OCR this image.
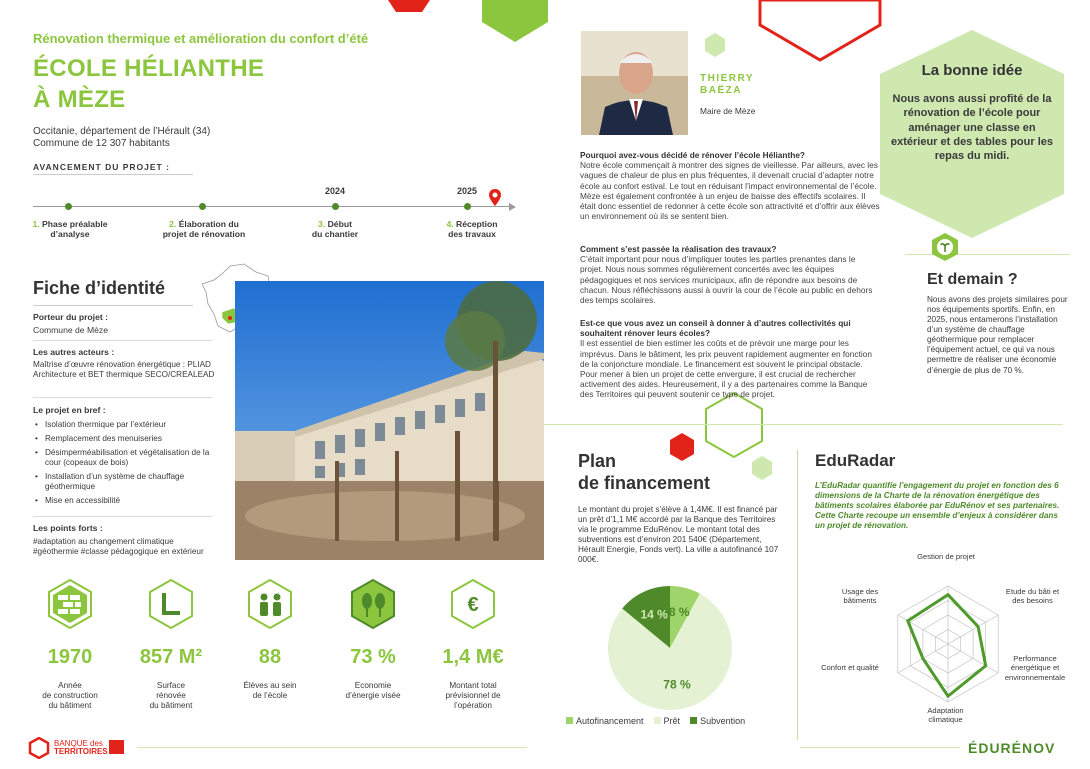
Rénovation thermique et amélioration du confort d’été
ÉCOLE HÉLIANTHE
À MÈZE
Occitanie, département de l’Hérault (34)
Commune de 12 307 habitants
AVANCEMENT DU PROJET :
2024	2025
1. Phase préalable
d’analyse
2. Élaboration du
projet de rénovation
3. Début
du chantier
4. Réception
des travaux
Fiche d’identité
Porteur du projet :
Commune de Mèze
Les autres acteurs :
Maîtrise d’œuvre rénovation énergétique : PLIAD Architecture et BET thermique SECO/CREALEAD
Le projet en bref :
• Isolation thermique par l’extérieur
• Remplacement des menuiseries
• Désimperméabilisation et végétalisation de la cour (copeaux de bois)
• Installation d’un système de chauffage géothermique
• Mise en accessibilité
Les points forts :
#adaptation au changement climatique #géothermie #classe pédagogique en extérieur
€
1970	857 M²	88	73 %	1,4 M€
Année
de construction
du bâtiment
Surface
rénovée
du bâtiment
Élèves au sein
de l’école
Economie
d’énergie visée
Montant total
prévisionnel de
l’opération
BANQUE des
TERRITOIRES	ÉDURÉNOV
THIERRY
BAËZA
Maire de Mèze
Pourquoi avez-vous décidé de rénover l’école Hélianthe?
Notre école commençait à montrer des signes de vieillesse. Par ailleurs, avec les vagues de chaleur de plus en plus fréquentes, il devenait crucial d’adapter notre école au confort estival. Le tout en réduisant l’impact environnemental de l’école. Mèze est également confrontée à un enjeu de baisse des effectifs scolaires. Il était donc essentiel de redonner à cette école son attractivité et d’offrir aux élèves un environnement où ils se sentent bien.
Comment s’est passée la réalisation des travaux?
C’était important pour nous d’impliquer toutes les parties prenantes dans le projet. Nous nous sommes régulièrement concertés avec les équipes pédagogiques et nos services municipaux, afin de répondre aux besoins de chacun. Nous réfléchissons aussi à ouvrir la cour de l’école au public en dehors des temps scolaires.
Est-ce que vous avez un conseil à donner à d’autres collectivités qui souhaitent rénover leurs écoles?
Il est essentiel de bien estimer les coûts et de prévoir une marge pour les imprévus. Dans le bâtiment, les prix peuvent rapidement augmenter en fonction de la conjoncture mondiale. Le financement est souvent le principal obstacle. Pour mener à bien un projet de cette envergure, il est crucial de rechercher activement des aides. Heureusement, il y a des partenaires comme la Banque des Territoires qui peuvent soutenir ce type de projet.
La bonne idée
Nous avons aussi profité de la rénovation de l’école pour aménager une classe en extérieur et des tables pour les repas du midi.
Et demain ?
Nous avons des projets similaires pour nos équipements sportifs. Enfin, en 2025, nous entamerons l’installation d’un système de chauffage géothermique pour remplacer l’équipement actuel, ce qui va nous permettre de réaliser une économie d’énergie de plus de 70 %.
Plan
de financement
Le montant du projet s’élève à 1,4M€. Il est financé par un prêt d’1,1 M€ accordé par la Banque des Territoires via le programme EduRénov. Le montant total des subventions est d’environ 201 540€ (Département, Hérault Energie, Fonds vert). La ville a autofinancé 107 000€.
8 %
78 %
14 %
Autofinancement	Prêt	Subvention
EduRadar
L’EduRadar quantifie l’engagement du projet en fonction des 6 dimensions de la Charte de la rénovation énergétique des bâtiments scolaires élaborée par EduRénov et ses partenaires. Cette Charte recoupe un ensemble d’enjeux à considérer dans un projet de rénovation.
Gestion de projet
Etude du bâti et
des besoins
Performance
énergétique et
environnementale
Adaptation
climatique
Confort et qualité
Usage des
bâtiments
